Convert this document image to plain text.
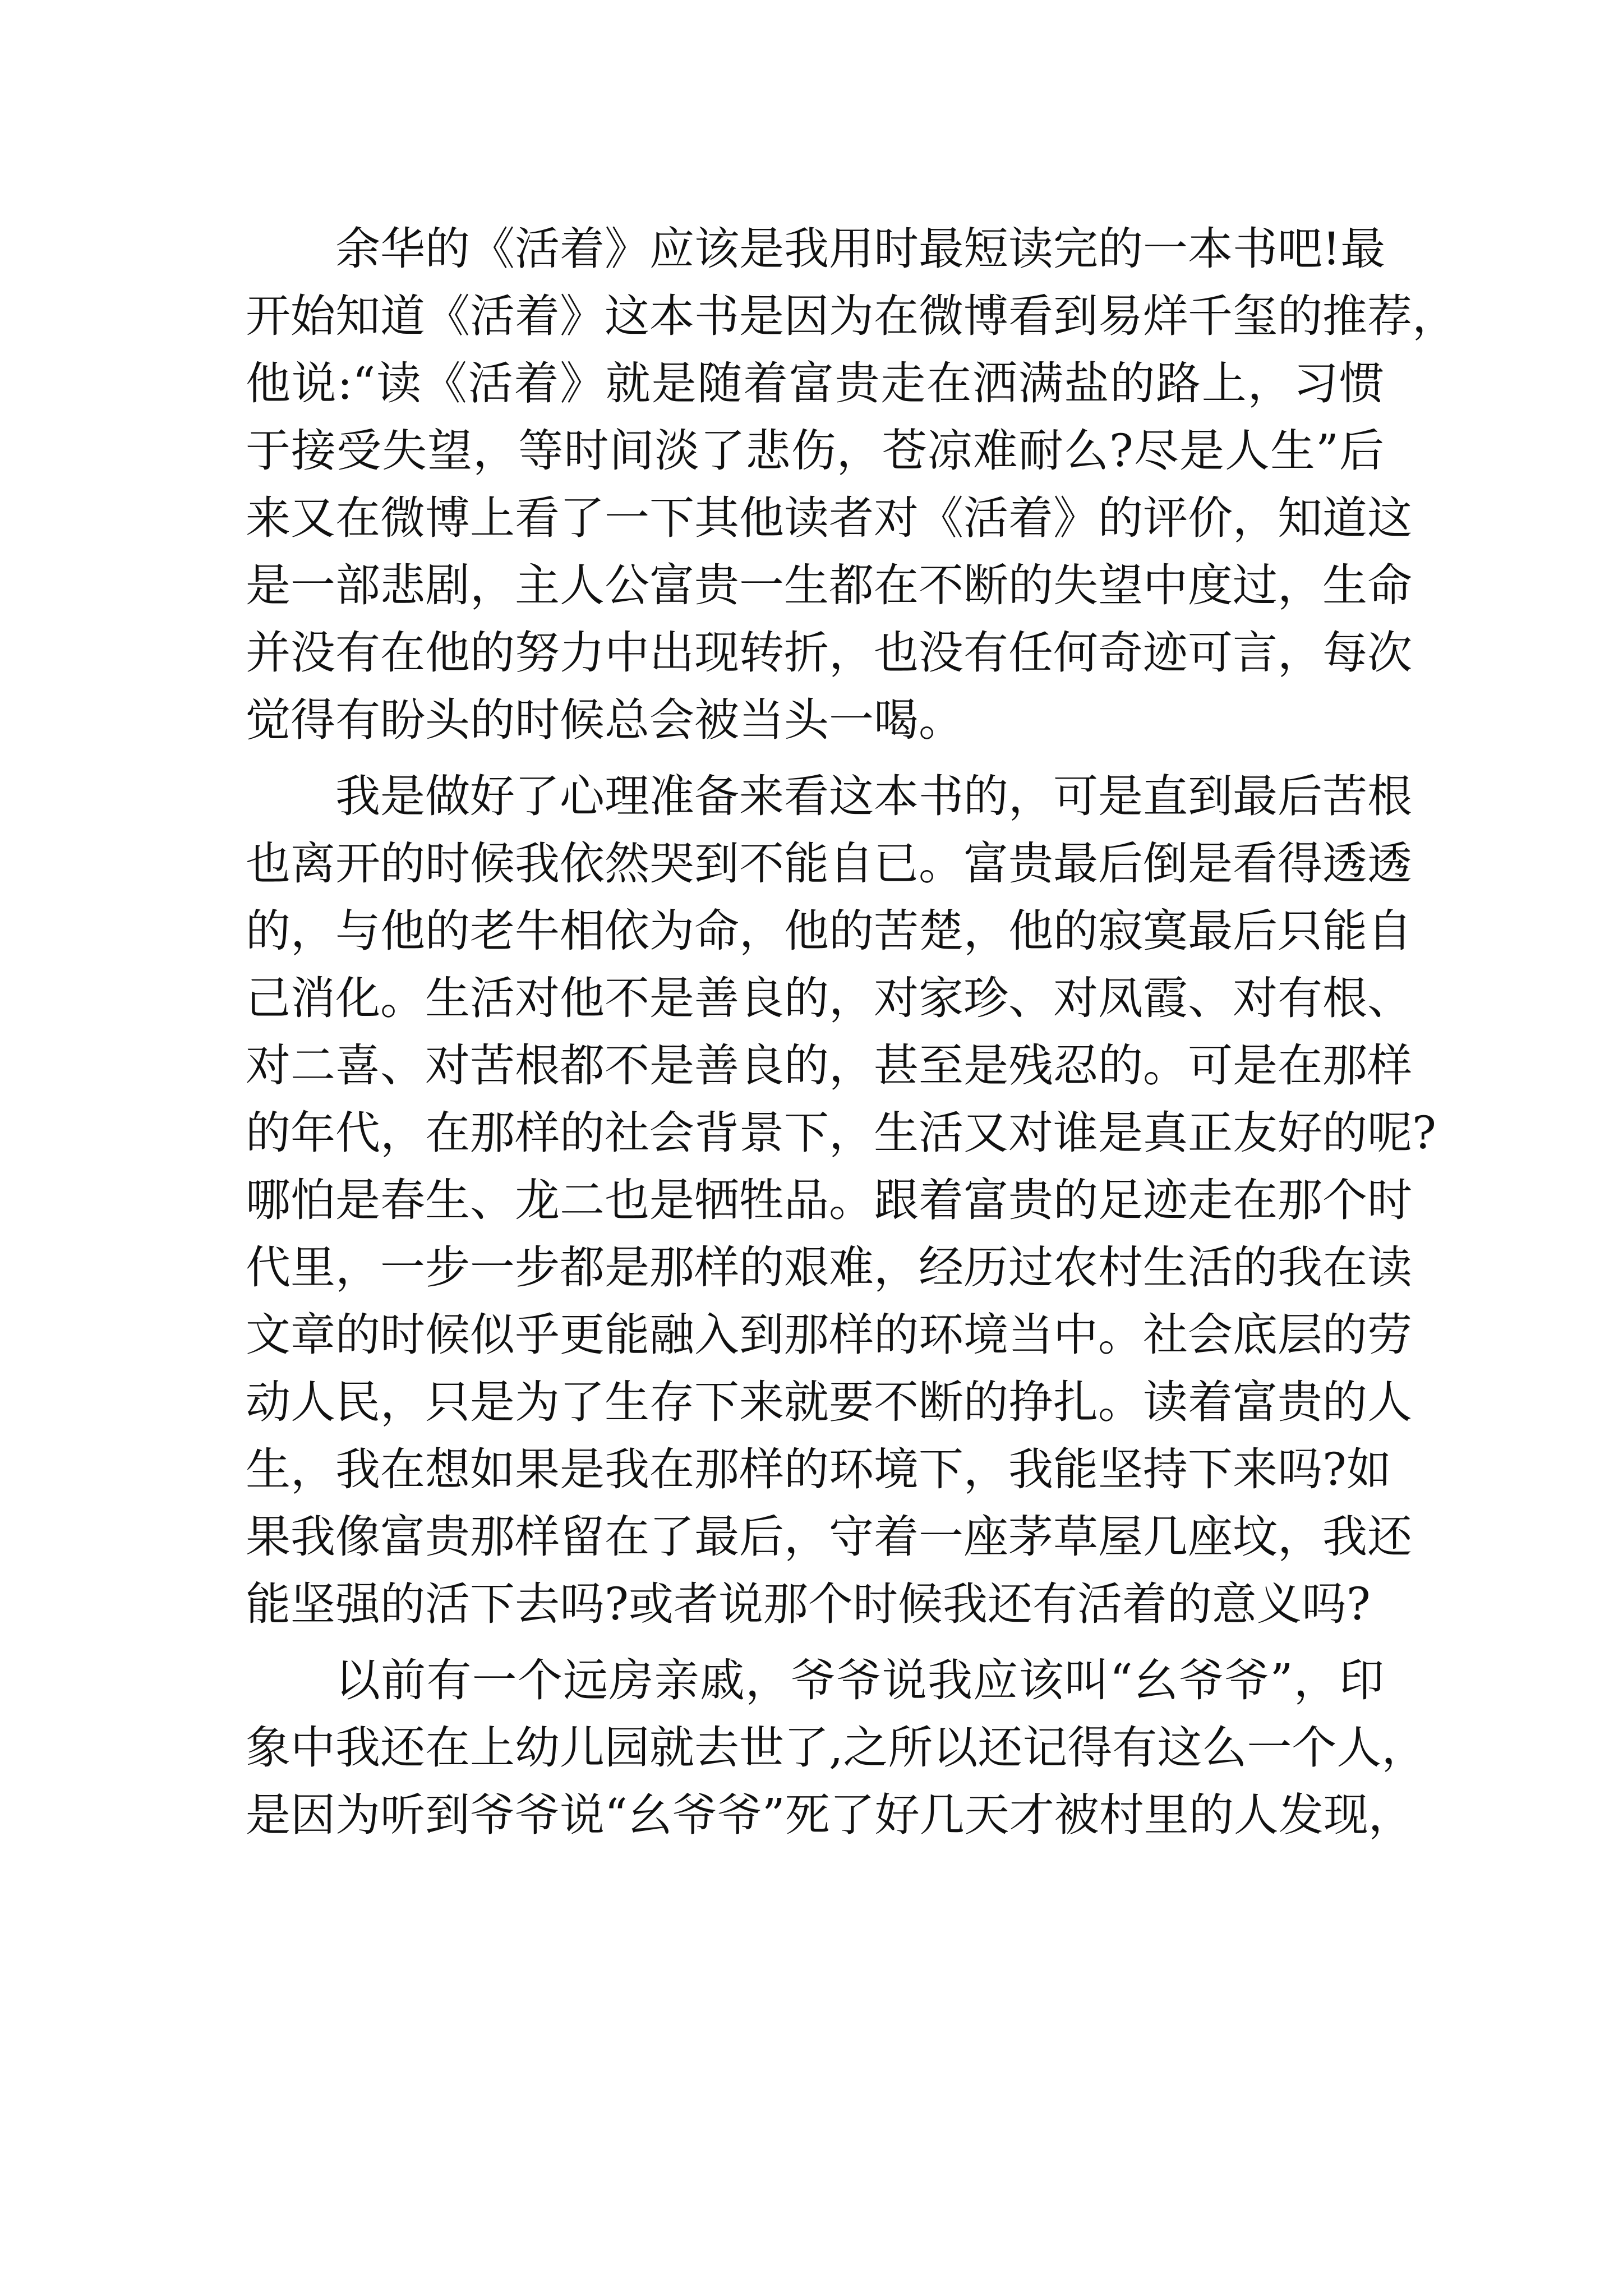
余华的《活着》应该是我用时最短读完的一本书吧!最
开始知道《活着》这本书是因为在微博看到易烊千玺的推荐，
他说:“读《活着》就是随着富贵走在洒满盐的路上，习惯
于接受失望，等时间淡了悲伤，苍凉难耐么?尽是人生”后
来又在微博上看了一下其他读者对《活着》的评价，知道这
是一部悲剧，主人公富贵一生都在不断的失望中度过，生命
并没有在他的努力中出现转折，也没有任何奇迹可言，每次
觉得有盼头的时候总会被当头一喝。
我是做好了心理准备来看这本书的，可是直到最后苦根
也离开的时候我依然哭到不能自已。富贵最后倒是看得透透
的，与他的老牛相依为命，他的苦楚，他的寂寞最后只能自
己消化。生活对他不是善良的，对家珍、对凤霞、对有根、
对二喜、对苦根都不是善良的，甚至是残忍的。可是在那样
的年代，在那样的社会背景下，生活又对谁是真正友好的呢?
哪怕是春生、龙二也是牺牲品。跟着富贵的足迹走在那个时
代里，一步一步都是那样的艰难，经历过农村生活的我在读
文章的时候似乎更能融入到那样的环境当中。社会底层的劳
动人民，只是为了生存下来就要不断的挣扎。读着富贵的人
生，我在想如果是我在那样的环境下，我能坚持下来吗?如
果我像富贵那样留在了最后，守着一座茅草屋几座坟，我还
能坚强的活下去吗?或者说那个时候我还有活着的意义吗?
以前有一个远房亲戚，爷爷说我应该叫“幺爷爷”，印
象中我还在上幼儿园就去世了,之所以还记得有这么一个人，
是因为听到爷爷说“幺爷爷”死了好几天才被村里的人发现，
